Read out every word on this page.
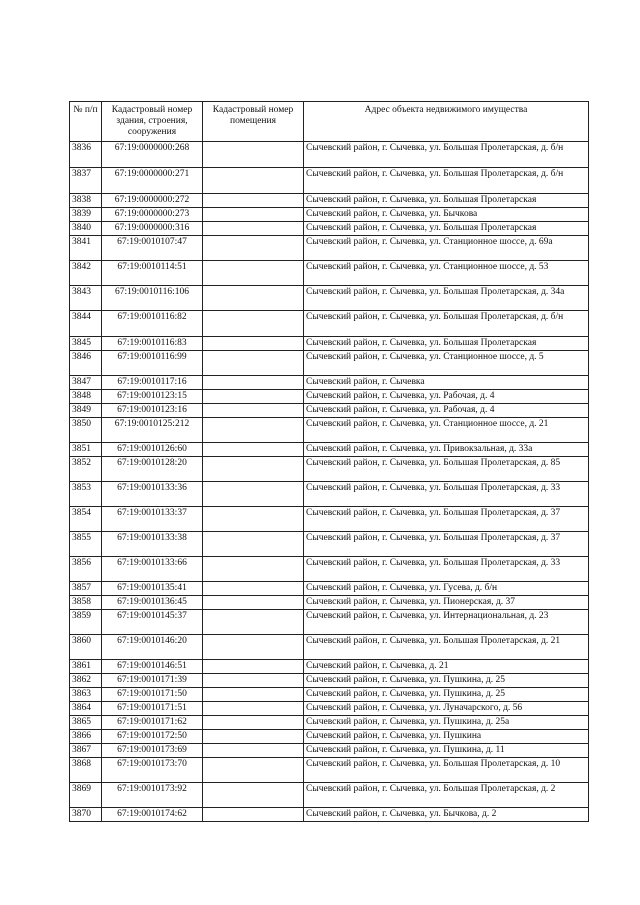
№ п/п	Кадастровый номер здания, строения, сооружения	Кадастровый номер помещения	Адрес объекта недвижимого имущества
3836	67:19:0000000:268		Сычевский район, г. Сычевка, ул. Большая Пролетарская, д. б/н
3837	67:19:0000000:271		Сычевский район, г. Сычевка, ул. Большая Пролетарская, д. б/н
3838	67:19:0000000:272		Сычевский район, г. Сычевка, ул. Большая Пролетарская
3839	67:19:0000000:273		Сычевский район, г. Сычевка, ул. Бычкова
3840	67:19:0000000:316		Сычевский район, г. Сычевка, ул. Большая Пролетарская
3841	67:19:0010107:47		Сычевский район, г. Сычевка, ул. Станционное шоссе, д. 69а
3842	67:19:0010114:51		Сычевский район, г. Сычевка, ул. Станционное шоссе, д. 53
3843	67:19:0010116:106		Сычевский район, г. Сычевка, ул. Большая Пролетарская, д. 34а
3844	67:19:0010116:82		Сычевский район, г. Сычевка, ул. Большая Пролетарская, д. б/н
3845	67:19:0010116:83		Сычевский район, г. Сычевка, ул. Большая Пролетарская
3846	67:19:0010116:99		Сычевский район, г. Сычевка, ул. Станционное шоссе, д. 5
3847	67:19:0010117:16		Сычевский район, г. Сычевка
3848	67:19:0010123:15		Сычевский район, г. Сычевка, ул. Рабочая, д. 4
3849	67:19:0010123:16		Сычевский район, г. Сычевка, ул. Рабочая, д. 4
3850	67:19:0010125:212		Сычевский район, г. Сычевка, ул. Станционное шоссе, д. 21
3851	67:19:0010126:60		Сычевский район, г. Сычевка, ул. Привокзальная, д. 33а
3852	67:19:0010128:20		Сычевский район, г. Сычевка, ул. Большая Пролетарская, д. 85
3853	67:19:0010133:36		Сычевский район, г. Сычевка, ул. Большая Пролетарская, д. 33
3854	67:19:0010133:37		Сычевский район, г. Сычевка, ул. Большая Пролетарская, д. 37
3855	67:19:0010133:38		Сычевский район, г. Сычевка, ул. Большая Пролетарская, д. 37
3856	67:19:0010133:66		Сычевский район, г. Сычевка, ул. Большая Пролетарская, д. 33
3857	67:19:0010135:41		Сычевский район, г. Сычевка, ул. Гусева, д. б/н
3858	67:19:0010136:45		Сычевский район, г. Сычевка, ул. Пионерская, д. 37
3859	67:19:0010145:37		Сычевский район, г. Сычевка, ул. Интернациональная, д. 23
3860	67:19:0010146:20		Сычевский район, г. Сычевка, ул. Большая Пролетарская, д. 21
3861	67:19:0010146:51		Сычевский район, г. Сычевка, д. 21
3862	67:19:0010171:39		Сычевский район, г. Сычевка, ул. Пушкина, д. 25
3863	67:19:0010171:50		Сычевский район, г. Сычевка, ул. Пушкина, д. 25
3864	67:19:0010171:51		Сычевский район, г. Сычевка, ул. Луначарского, д. 56
3865	67:19:0010171:62		Сычевский район, г. Сычевка, ул. Пушкина, д. 25а
3866	67:19:0010172:50		Сычевский район, г. Сычевка, ул. Пушкина
3867	67:19:0010173:69		Сычевский район, г. Сычевка, ул. Пушкина, д. 11
3868	67:19:0010173:70		Сычевский район, г. Сычевка, ул. Большая Пролетарская, д. 10
3869	67:19:0010173:92		Сычевский район, г. Сычевка, ул. Большая Пролетарская, д. 2
3870	67:19:0010174:62		Сычевский район, г. Сычевка, ул. Бычкова, д. 2
